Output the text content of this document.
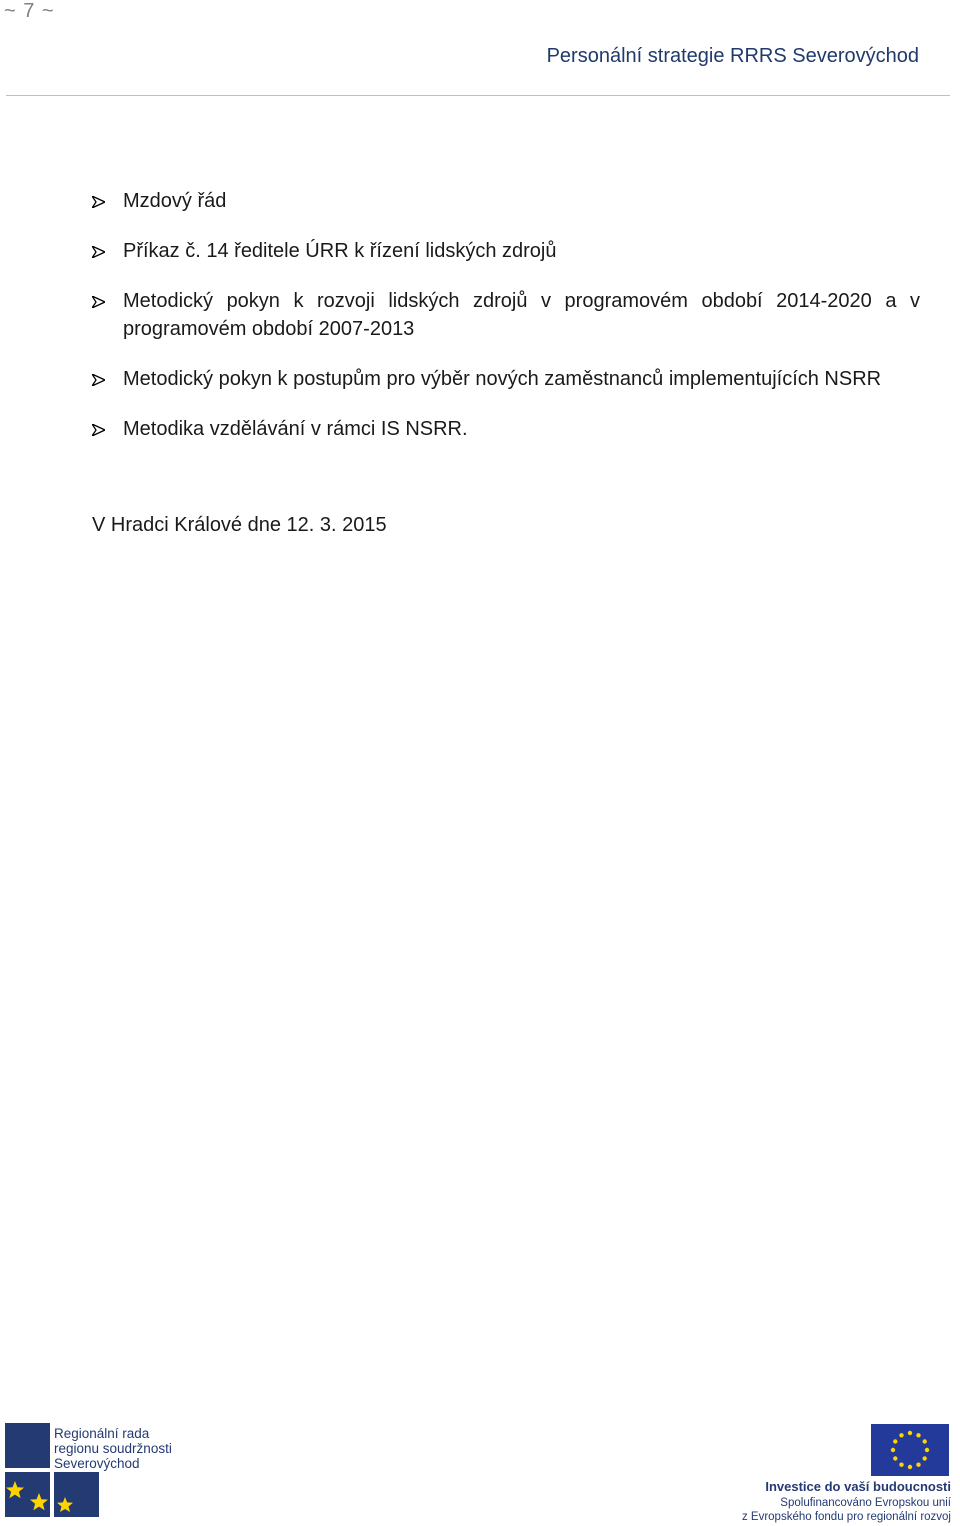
~ 7 ~
Personální strategie RRRS Severovýchod
Mzdový řád
Příkaz č. 14 ředitele ÚRR k řízení lidských zdrojů
Metodický pokyn k rozvoji lidských zdrojů v programovém období 2014-2020 a v programovém období 2007-2013
Metodický pokyn k postupům pro výběr nových zaměstnanců implementujících NSRR
Metodika vzdělávání v rámci IS NSRR.
V Hradci Králové dne 12. 3. 2015
Regionální rada
regionu soudržnosti
Severovýchod
Investice do vaší budoucnosti
Spolufinancováno Evropskou unií
z Evropského fondu pro regionální rozvoj
